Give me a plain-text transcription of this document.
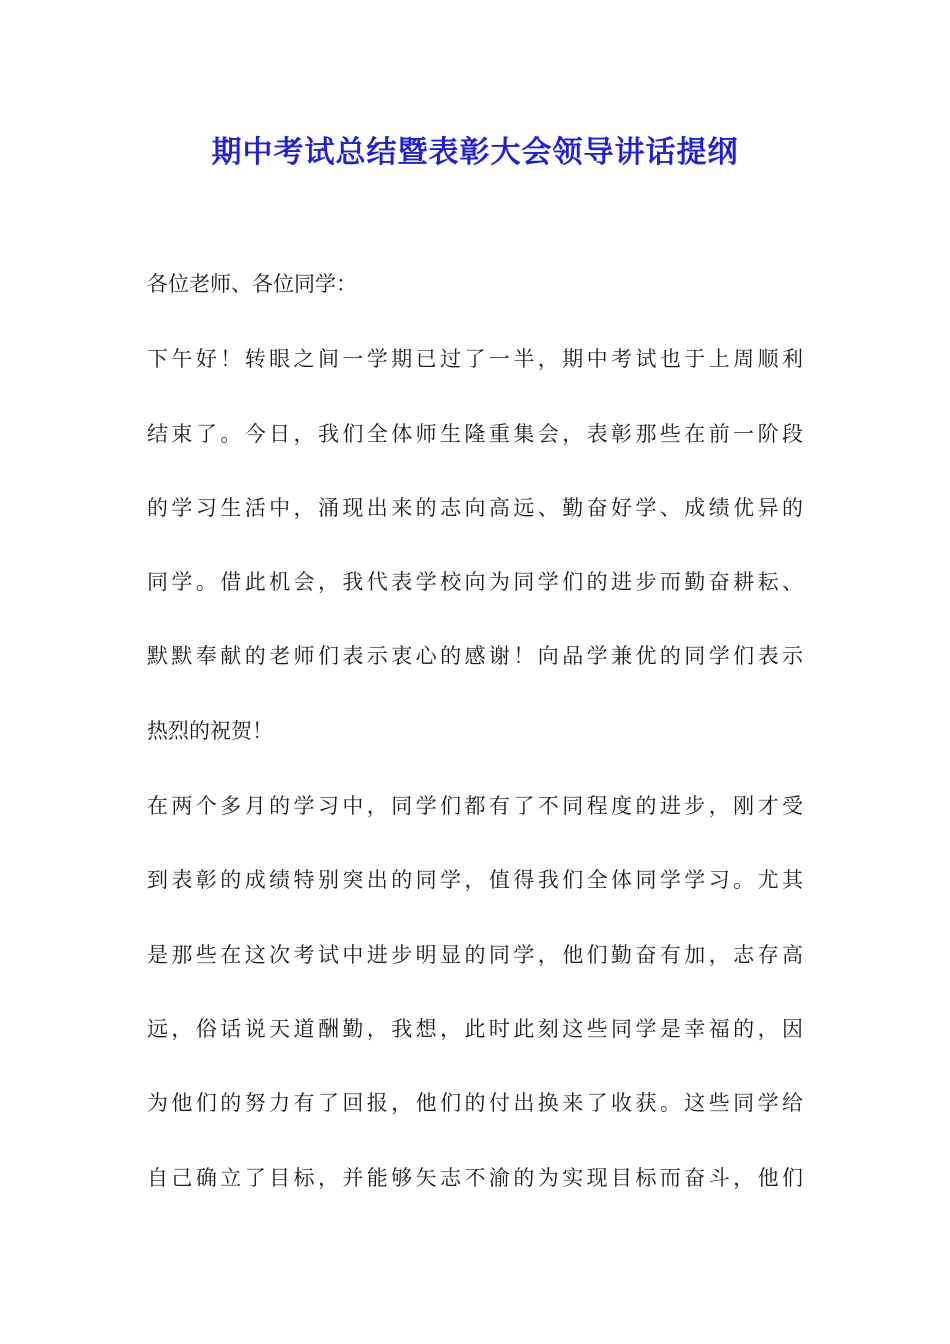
期中考试总结暨表彰大会领导讲话提纲
各位老师、各位同学：
下午好！转眼之间一学期已过了一半，期中考试也于上周顺利
结束了。今日，我们全体师生隆重集会，表彰那些在前一阶段
的学习生活中，涌现出来的志向高远、勤奋好学、成绩优异的
同学。借此机会，我代表学校向为同学们的进步而勤奋耕耘、
默默奉献的老师们表示衷心的感谢！向品学兼优的同学们表示
热烈的祝贺！
在两个多月的学习中，同学们都有了不同程度的进步，刚才受
到表彰的成绩特别突出的同学，值得我们全体同学学习。尤其
是那些在这次考试中进步明显的同学，他们勤奋有加，志存高
远，俗话说天道酬勤，我想，此时此刻这些同学是幸福的，因
为他们的努力有了回报，他们的付出换来了收获。这些同学给
自己确立了目标，并能够矢志不渝的为实现目标而奋斗，他们
